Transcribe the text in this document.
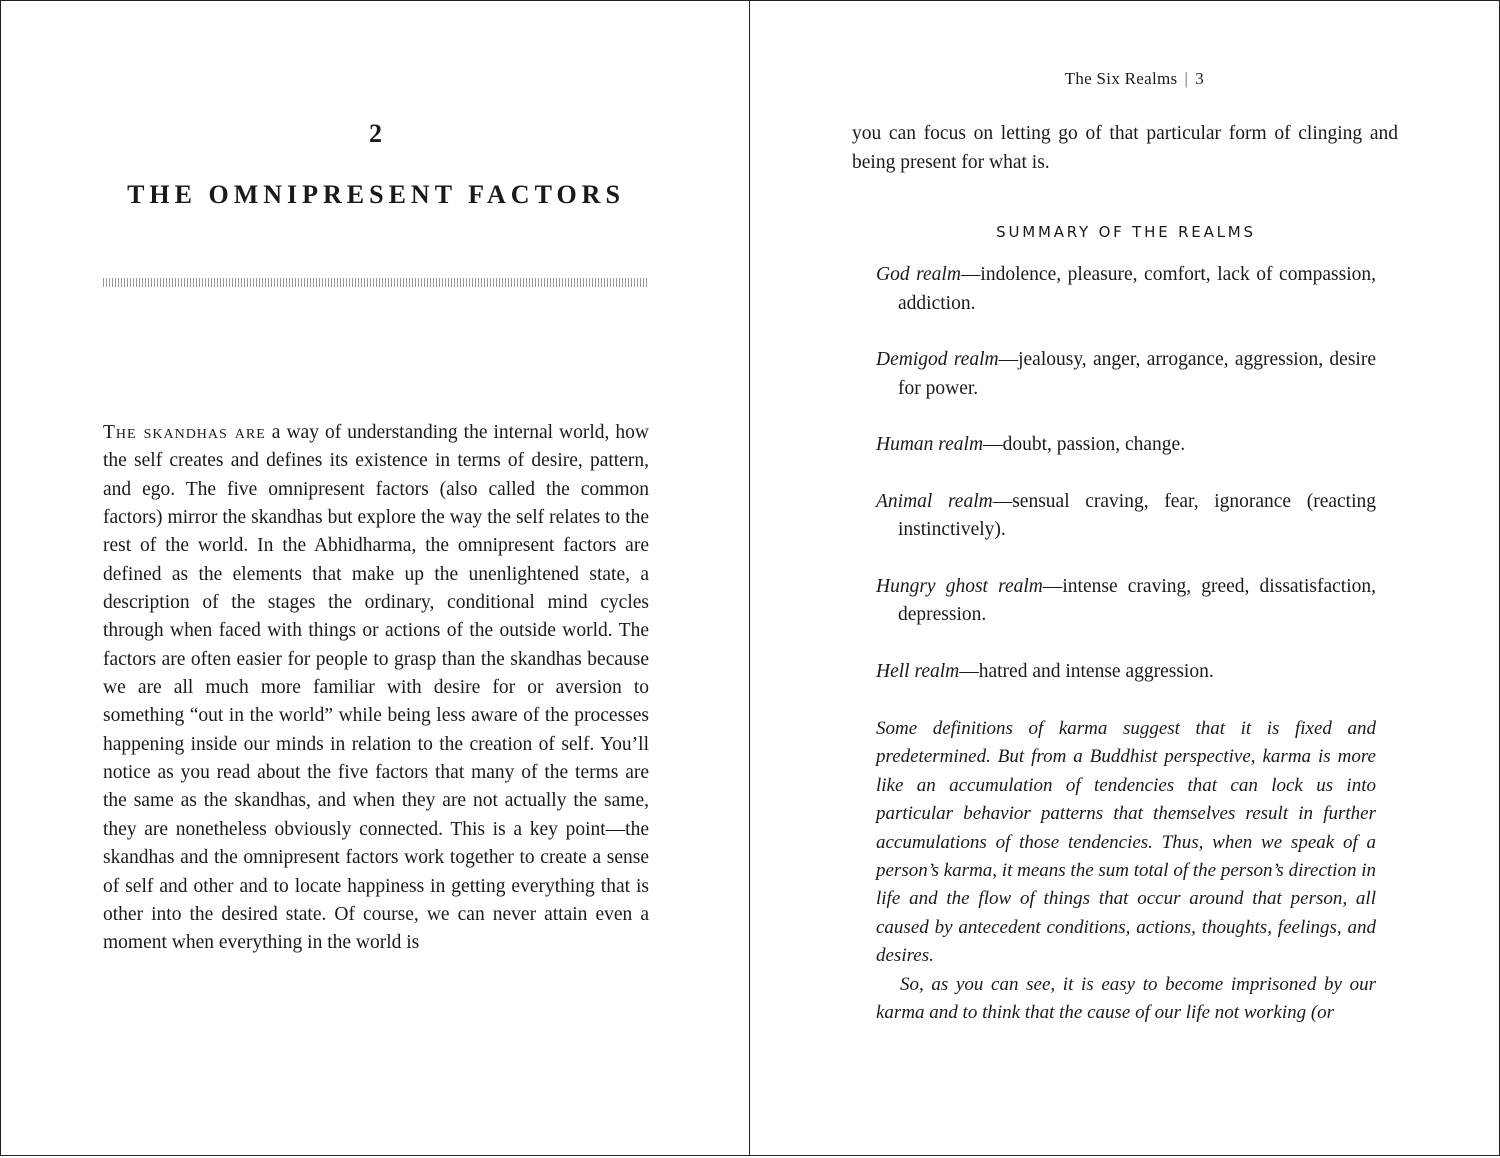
2
THE OMNIPRESENT FACTORS

The skandhas are a way of understanding the internal world, how the self creates and defines its existence in terms of desire, pattern, and ego. The five omnipresent factors (also called the common factors) mirror the skandhas but explore the way the self relates to the rest of the world. In the Abhidharma, the omnipresent factors are defined as the elements that make up the unenlightened state, a description of the stages the ordinary, conditional mind cycles through when faced with things or actions of the outside world. The factors are often easier for people to grasp than the skandhas because we are all much more familiar with desire for or aversion to something “out in the world” while being less aware of the processes happening inside our minds in relation to the creation of self. You’ll notice as you read about the five factors that many of the terms are the same as the skandhas, and when they are not actually the same, they are nonetheless obviously connected. This is a key point—the skandhas and the omnipresent factors work together to create a sense of self and other and to locate happiness in getting everything that is other into the desired state. Of course, we can never attain even a moment when everything in the world is

The Six Realms | 3

you can focus on letting go of that particular form of clinging and being present for what is.

SUMMARY OF THE REALMS

God realm—indolence, pleasure, comfort, lack of compassion, addiction.

Demigod realm—jealousy, anger, arrogance, aggression, desire for power.

Human realm—doubt, passion, change.

Animal realm—sensual craving, fear, ignorance (reacting instinctively).

Hungry ghost realm—intense craving, greed, dissatisfaction, depression.

Hell realm—hatred and intense aggression.

Some definitions of karma suggest that it is fixed and predetermined. But from a Buddhist perspective, karma is more like an accumulation of tendencies that can lock us into particular behavior patterns that themselves result in further accumulations of those tendencies. Thus, when we speak of a person’s karma, it means the sum total of the person’s direction in life and the flow of things that occur around that person, all caused by antecedent conditions, actions, thoughts, feelings, and desires.

So, as you can see, it is easy to become imprisoned by our karma and to think that the cause of our life not working (or
